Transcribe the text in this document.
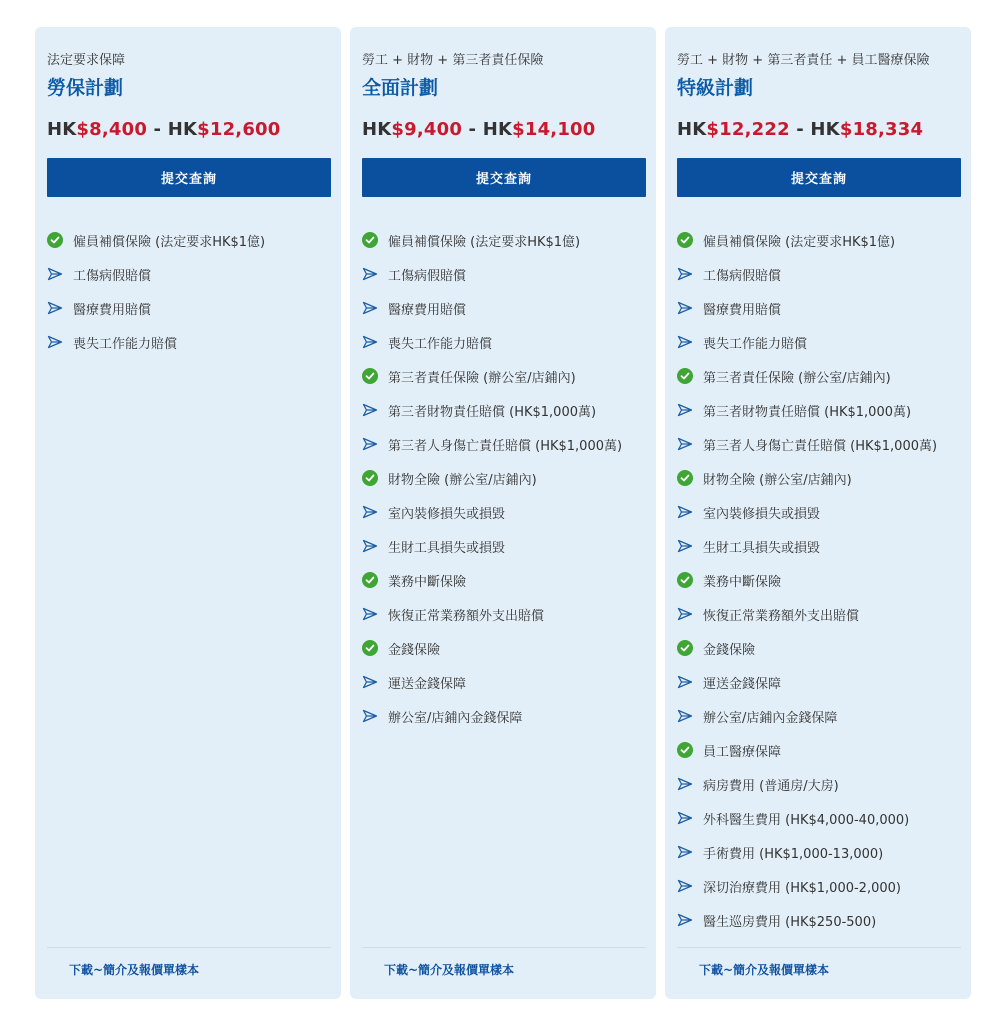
法定要求保障
勞保計劃
HK$8,400 - HK$12,600
提交查詢
僱員補償保險 (法定要求HK$1億)
工傷病假賠償
醫療費用賠償
喪失工作能力賠償
下載~簡介及報價單樣本
勞工 + 財物 + 第三者責任保險
全面計劃
HK$9,400 - HK$14,100
提交查詢
僱員補償保險 (法定要求HK$1億)
工傷病假賠償
醫療費用賠償
喪失工作能力賠償
第三者責任保險 (辦公室/店鋪內)
第三者財物責任賠償 (HK$1,000萬)
第三者人身傷亡責任賠償 (HK$1,000萬)
財物全險 (辦公室/店鋪內)
室內裝修損失或損毀
生財工具損失或損毀
業務中斷保險
恢復正常業務額外支出賠償
金錢保險
運送金錢保障
辦公室/店鋪內金錢保障
下載~簡介及報價單樣本
勞工 + 財物 + 第三者責任 + 員工醫療保險
特級計劃
HK$12,222 - HK$18,334
提交查詢
僱員補償保險 (法定要求HK$1億)
工傷病假賠償
醫療費用賠償
喪失工作能力賠償
第三者責任保險 (辦公室/店鋪內)
第三者財物責任賠償 (HK$1,000萬)
第三者人身傷亡責任賠償 (HK$1,000萬)
財物全險 (辦公室/店鋪內)
室內裝修損失或損毀
生財工具損失或損毀
業務中斷保險
恢復正常業務額外支出賠償
金錢保險
運送金錢保障
辦公室/店鋪內金錢保障
員工醫療保障
病房費用 (普通房/大房)
外科醫生費用 (HK$4,000-40,000)
手術費用 (HK$1,000-13,000)
深切治療費用 (HK$1,000-2,000)
醫生巡房費用 (HK$250-500)
下載~簡介及報價單樣本
